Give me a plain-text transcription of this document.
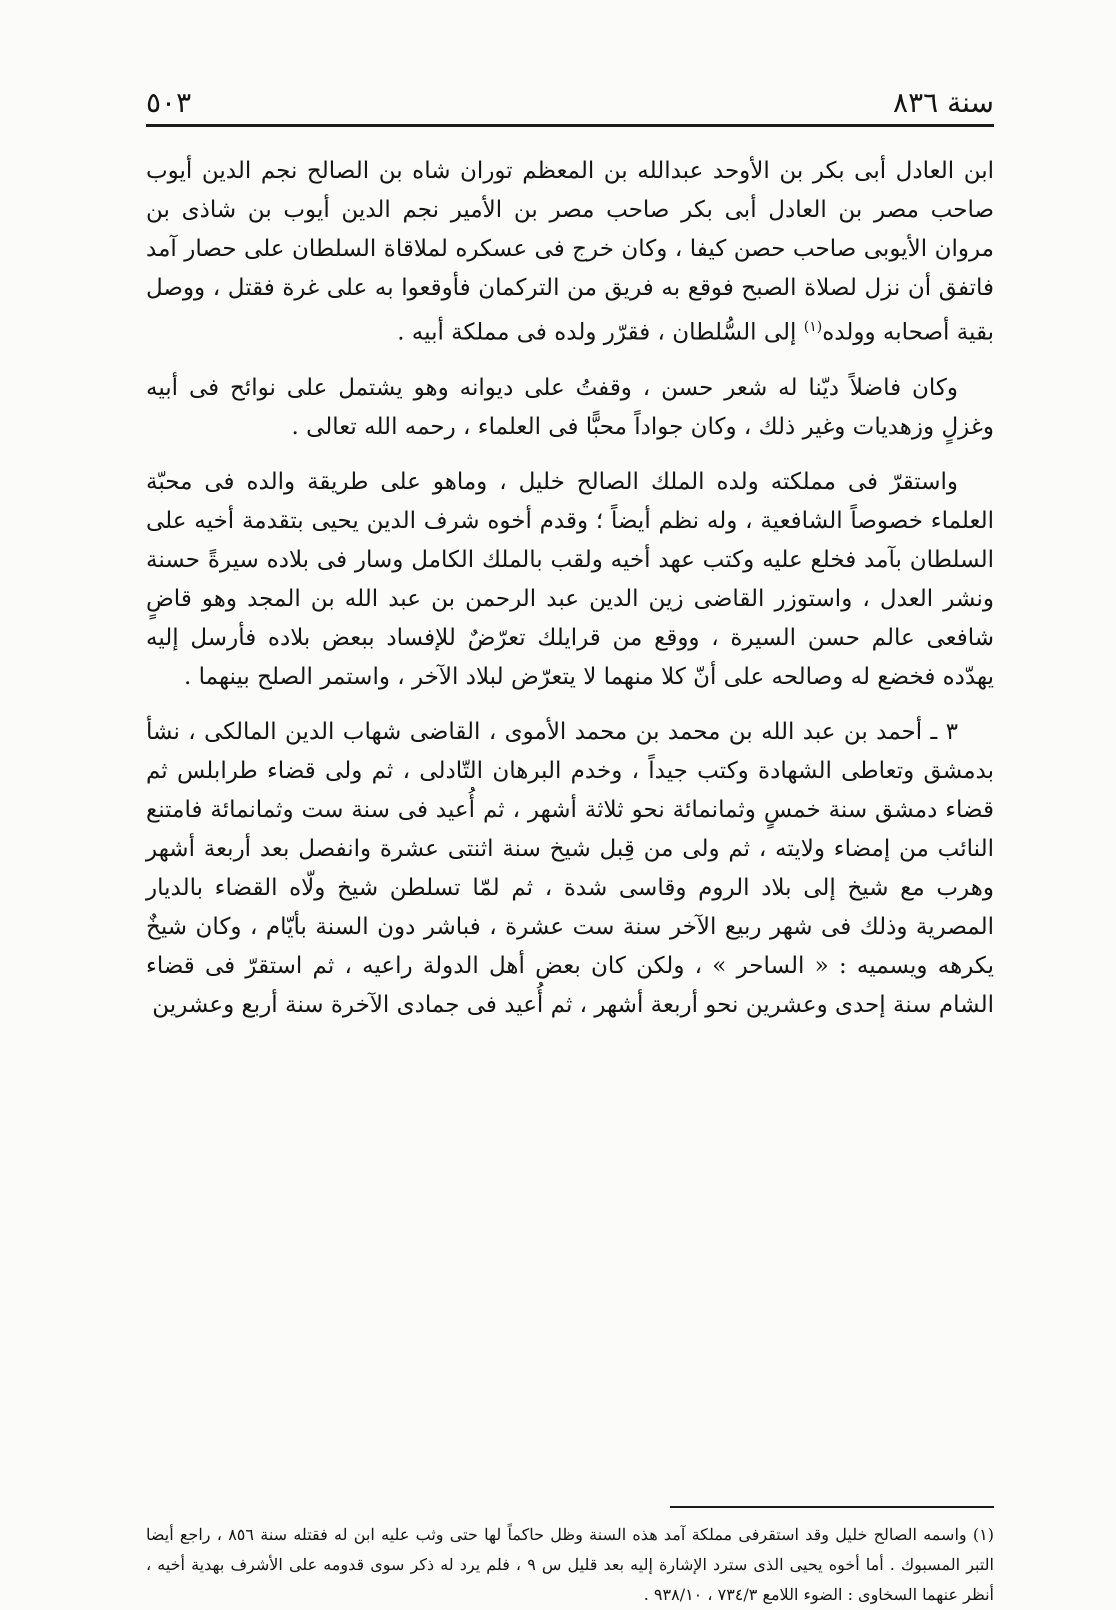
سنة ٨٣٦
٥٠٣

ابن العادل أبى بكر بن الأوحد عبدالله بن المعظم توران شاه بن الصالح نجم الدين أيوب صاحب مصر بن العادل أبى بكر صاحب مصر بن الأمير نجم الدين أيوب بن شاذى بن مروان الأيوبى صاحب حصن كيفا ، وكان خرج فى عسكره لملاقاة السلطان على حصار آمد فاتفق أن نزل لصلاة الصبح فوقع به فريق من التركمان فأوقعوا به على غرة فقتل ، ووصل بقية أصحابه وولده$^{(١)}$ إلى السُّلطان ، فقرّر ولده فى مملكة أبيه .

وكان فاضلاً ديّنا له شعر حسن ، وقفتُ على ديوانه وهو يشتمل على نوائح فى أبيه وغزلٍ وزهديات وغير ذلك ، وكان جواداً محبًّا فى العلماء ، رحمه الله تعالى .

واستقرّ فى مملكته ولده الملك الصالح خليل ، وماهو على طريقة والده فى محبّة العلماء خصوصاً الشافعية ، وله نظم أيضاً ؛ وقدم أخوه شرف الدين يحيى بتقدمة أخيه على السلطان بآمد فخلع عليه وكتب عهد أخيه ولقب بالملك الكامل وسار فى بلاده سيرةً حسنة ونشر العدل ، واستوزر القاضى زين الدين عبد الرحمن بن عبد الله بن المجد وهو قاضٍ شافعى عالم حسن السيرة ، ووقع من قرايلك تعرّضٌ للإفساد ببعض بلاده فأرسل إليه يهدّده فخضع له وصالحه على أنّ كلا منهما لا يتعرّض لبلاد الآخر ، واستمر الصلح بينهما .

٣ ـ أحمد بن عبد الله بن محمد بن محمد الأموى ، القاضى شهاب الدين المالكى ، نشأ بدمشق وتعاطى الشهادة وكتب جيداً ، وخدم البرهان التّادلى ، ثم ولى قضاء طرابلس ثم قضاء دمشق سنة خمسٍ وثمانمائة نحو ثلاثة أشهر ، ثم أُعيد فى سنة ست وثمانمائة فامتنع النائب من إمضاء ولايته ، ثم ولى من قِبل شيخ سنة اثنتى عشرة وانفصل بعد أربعة أشهر وهرب مع شيخ إلى بلاد الروم وقاسى شدة ، ثم لمّا تسلطن شيخ ولّاه القضاء بالديار المصرية وذلك فى شهر ربيع الآخر سنة ست عشرة ، فباشر دون السنة بأيّام ، وكان شيخٌ يكرهه ويسميه : « الساحر » ، ولكن كان بعض أهل الدولة راعيه ، ثم استقرّ فى قضاء الشام سنة إحدى وعشرين نحو أربعة أشهر ، ثم أُعيد فى جمادى الآخرة سنة أربع وعشرين

(١) واسمه الصالح خليل وقد استقرفى مملكة آمد هذه السنة وظل حاكماً لها حتى وثب عليه ابن له فقتله سنة ٨٥٦ ، راجع أيضا التبر المسبوك . أما أخوه يحيى الذى سترد الإشارة إليه بعد قليل س ٩ ، فلم يرد له ذكر سوى قدومه على الأشرف بهدية أخيه ، أنظر عنهما السخاوى : الضوء اللامع ٧٣٤/٣ ، ٩٣٨/١٠ .
